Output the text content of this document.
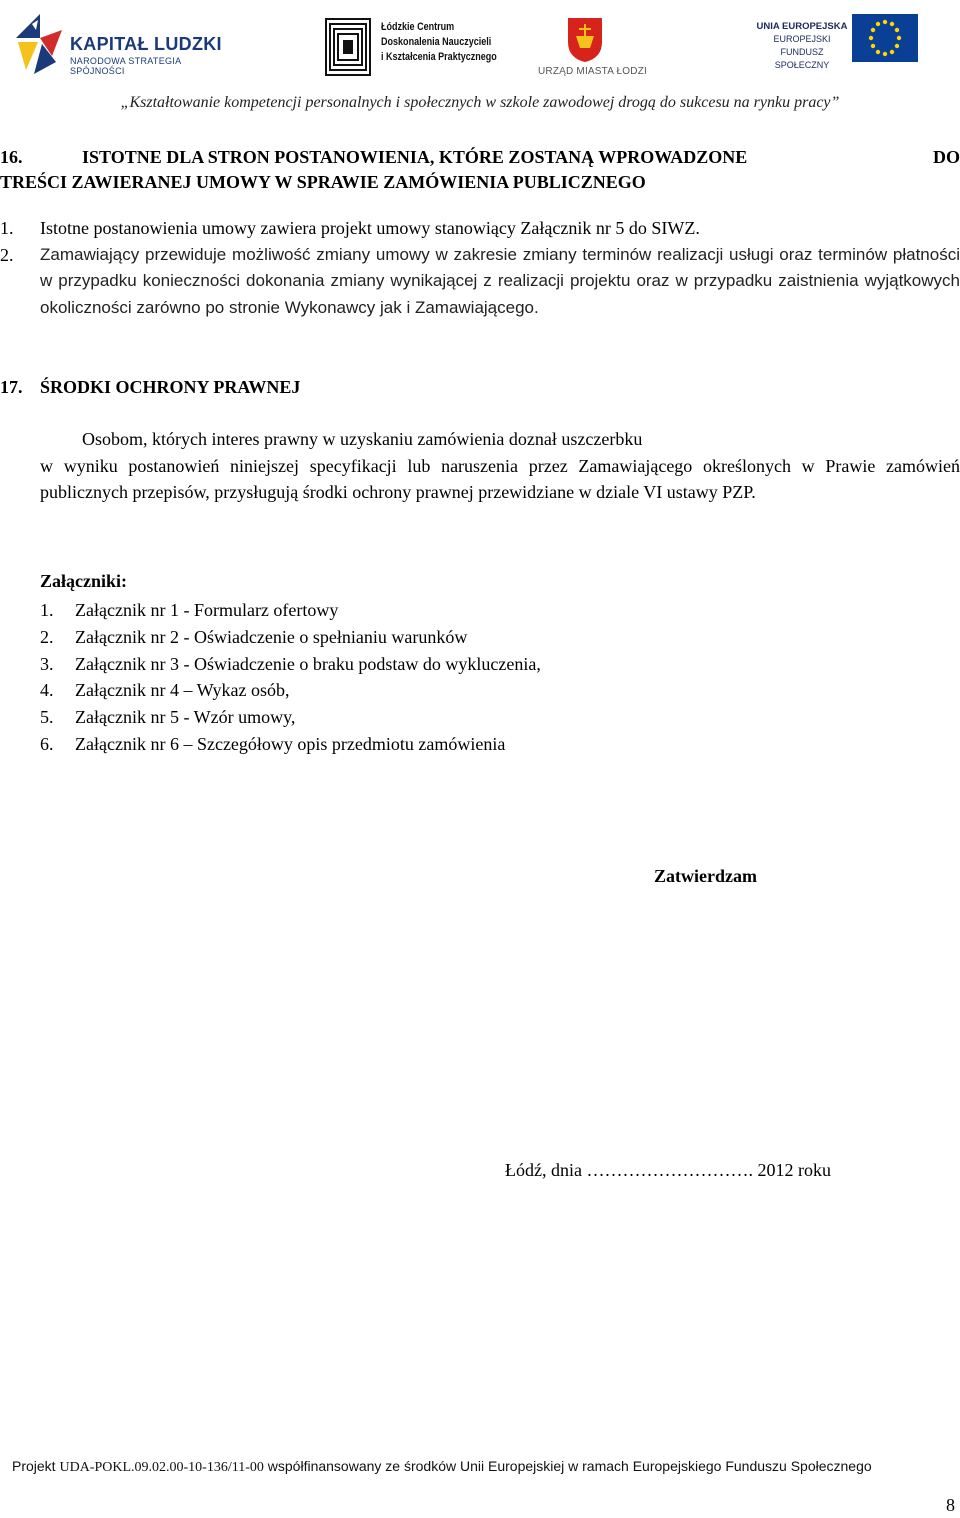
KAPITAŁ LUDZKI
NARODOWA STRATEGIA SPÓJNOŚCI
Łódzkie Centrum
Doskonalenia Nauczycieli
i Kształcenia Praktycznego
URZĄD MIASTA ŁODZI
UNIA EUROPEJSKA
EUROPEJSKI
FUNDUSZ SPOŁECZNY
„Kształtowanie kompetencji personalnych i społecznych w szkole zawodowej drogą do sukcesu na rynku pracy”
16.	ISTOTNE DLA STRON POSTANOWIENIA, KTÓRE ZOSTANĄ WPROWADZONE	DO
TREŚCI ZAWIERANEJ UMOWY W SPRAWIE ZAMÓWIENIA PUBLICZNEGO
1.	Istotne postanowienia umowy zawiera projekt umowy stanowiący Załącznik nr 5 do SIWZ.
2.	Zamawiający przewiduje możliwość zmiany umowy w zakresie zmiany terminów realizacji usługi oraz terminów płatności w przypadku konieczności dokonania zmiany wynikającej z realizacji projektu oraz w przypadku zaistnienia wyjątkowych okoliczności zarówno po stronie Wykonawcy jak i Zamawiającego.
17. ŚRODKI OCHRONY PRAWNEJ
Osobom, których interes prawny w uzyskaniu zamówienia doznał uszczerbku
w wyniku postanowień niniejszej specyfikacji lub naruszenia przez Zamawiającego określonych w Prawie zamówień publicznych przepisów, przysługują środki ochrony prawnej przewidziane w dziale VI ustawy PZP.
Załączniki:
1. Załącznik nr 1 - Formularz ofertowy
2. Załącznik nr 2 - Oświadczenie o spełnianiu warunków
3. Załącznik nr 3 - Oświadczenie o braku podstaw do wykluczenia,
4. Załącznik nr 4 – Wykaz osób,
5. Załącznik nr 5 - Wzór umowy,
6. Załącznik nr 6 – Szczegółowy opis przedmiotu zamówienia
Zatwierdzam
Łódź, dnia ………………………. 2012 roku
Projekt UDA-POKL.09.02.00-10-136/11-00 współfinansowany ze środków Unii Europejskiej w ramach Europejskiego Funduszu Społecznego
8
